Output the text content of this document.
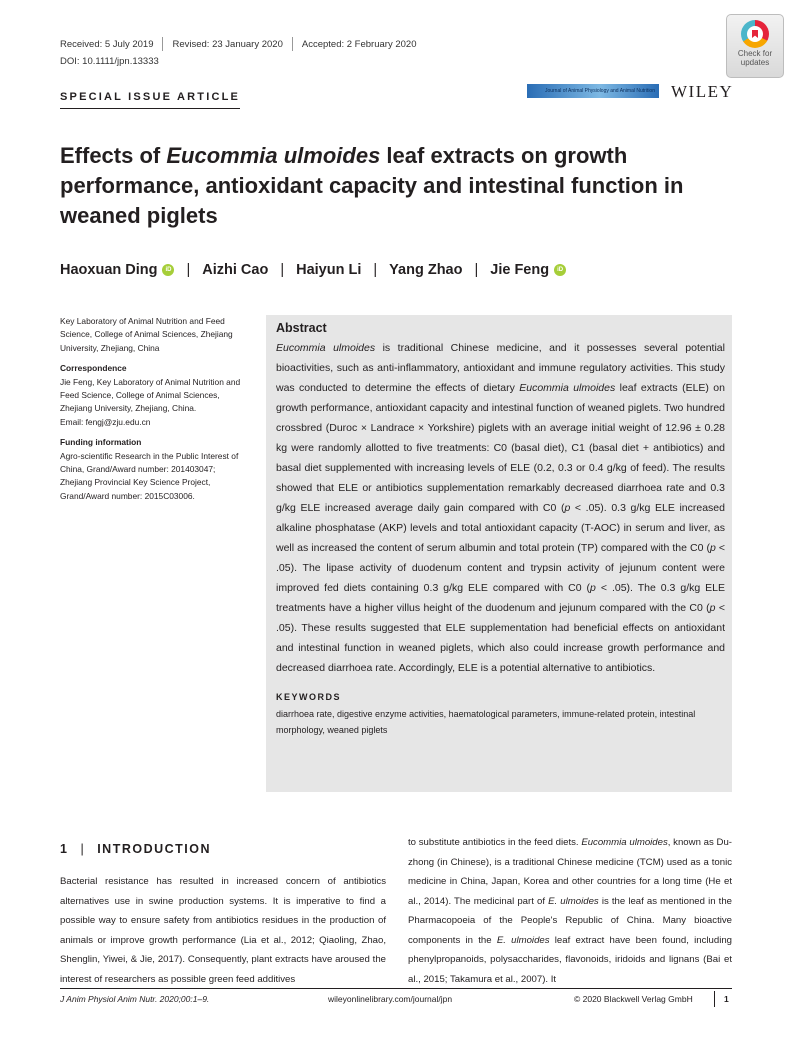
Received: 5 July 2019 Revised: 23 January 2020 Accepted: 2 February 2020
DOI: 10.1111/jpn.13333
Check for
updates
SPECIAL ISSUE ARTICLE	Journal of Animal Physiology and Animal Nutrition WILEY
Effects of Eucommia ulmoides leaf extracts on growth performance, antioxidant capacity and intestinal function in weaned piglets
Haoxuan Ding	iD | Aizhi Cao | Haiyun Li | Yang Zhao | Jie Feng	iD

Key Laboratory of Animal Nutrition and Feed Science, College of Animal Sciences, Zhejiang University, Zhejiang, China

Correspondence

Jie Feng, Key Laboratory of Animal Nutrition and Feed Science, College of Animal Sciences, Zhejiang University, Zhejiang, China.

Email: fengj@zju.edu.cn

Funding information

Agro-scientific Research in the Public Interest of China, Grand/Award number: 201403047; Zhejiang Provincial Key Science Project, Grand/Award number: 2015C03006.

Abstract
Eucommia ulmoides is traditional Chinese medicine, and it possesses several potential bioactivities, such as anti-inflammatory, antioxidant and immune regulatory activities. This study was conducted to determine the effects of dietary Eucommia ulmoides leaf extracts (ELE) on growth performance, antioxidant capacity and intestinal function of weaned piglets. Two hundred crossbred (Duroc × Landrace × Yorkshire) piglets with an average initial weight of 12.96 ± 0.28 kg were randomly allotted to five treatments: C0 (basal diet), C1 (basal diet + antibiotics) and basal diet supplemented with increasing levels of ELE (0.2, 0.3 or 0.4 g/kg of feed). The results showed that ELE or antibiotics supplementation remarkably decreased diarrhoea rate and 0.3 g/kg ELE increased average daily gain compared with C0 (p < .05). 0.3 g/kg ELE increased alkaline phosphatase (AKP) levels and total antioxidant capacity (T-AOC) in serum and liver, as well as increased the content of serum albumin and total protein (TP) compared with the C0 (p < .05). The lipase activity of duodenum content and trypsin activity of jejunum content were improved fed diets containing 0.3 g/kg ELE compared with C0 (p < .05). The 0.3 g/kg ELE treatments have a higher villus height of the duodenum and jejunum compared with the C0 (p < .05). These results suggested that ELE supplementation had beneficial effects on antioxidant and intestinal function in weaned piglets, which also could increase growth performance and decreased diarrhoea rate. Accordingly, ELE is a potential alternative to antibiotics.
KEYWORDS
diarrhoea rate, digestive enzyme activities, haematological parameters, immune-related protein, intestinal morphology, weaned piglets
1 | INTRODUCTION
Bacterial resistance has resulted in increased concern of antibiotics alternatives use in swine production systems. It is imperative to find a possible way to ensure safety from antibiotics residues in the production of animals or improve growth performance (Lia et al., 2012; Qiaoling, Zhao, Shenglin, Yiwei, & Jie, 2017). Consequently, plant extracts have aroused the interest of researchers as possible green feed additives
to substitute antibiotics in the feed diets. Eucommia ulmoides, known as Du-zhong (in Chinese), is a traditional Chinese medicine (TCM) used as a tonic medicine in China, Japan, Korea and other countries for a long time (He et al., 2014). The medicinal part of E. ulmoides is the leaf as mentioned in the Pharmacopoeia of the People's Republic of China. Many bioactive components in the E. ulmoides leaf extract have been found, including phenylpropanoids, polysaccharides, flavonoids, iridoids and lignans (Bai et al., 2015; Takamura et al., 2007). It
J Anim Physiol Anim Nutr. 2020;00:1–9.	wileyonlinelibrary.com/journal/jpn	© 2020 Blackwell Verlag GmbH	1
